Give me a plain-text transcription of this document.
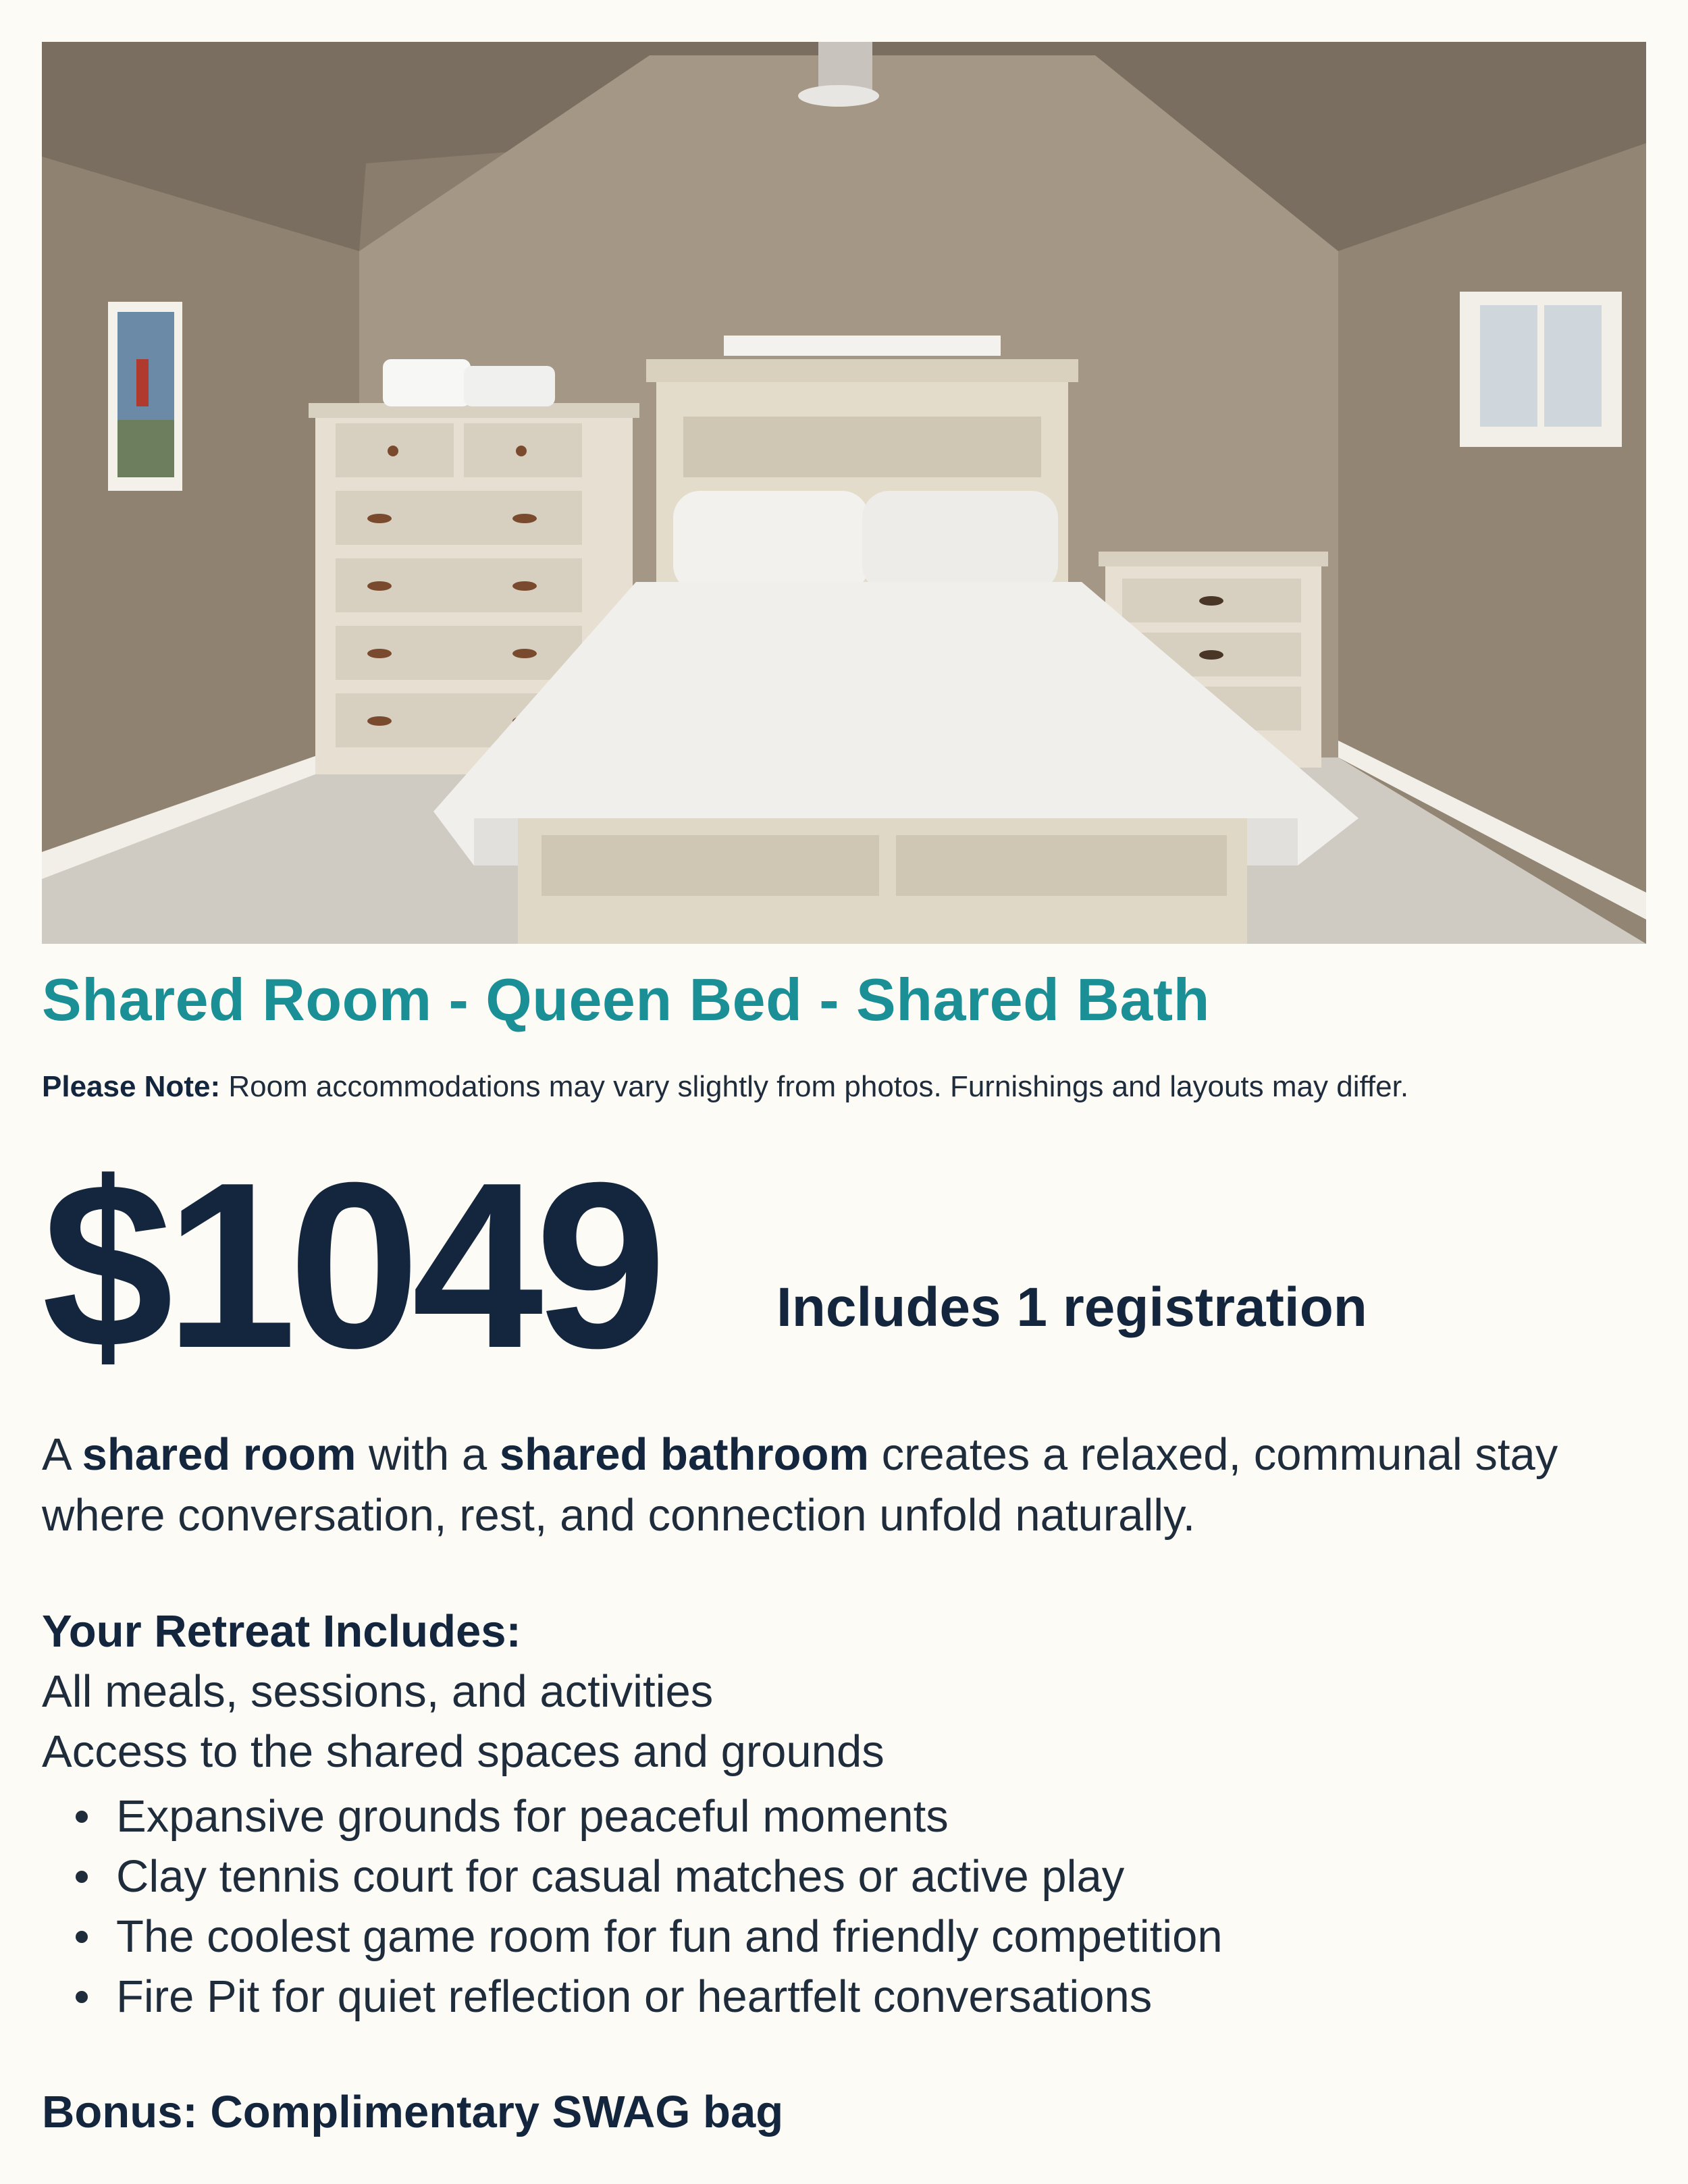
Shared Room - Queen Bed - Shared Bath
Please Note: Room accommodations may vary slightly from photos. Furnishings and layouts may differ.
$1049 Includes 1 registration
A shared room with a shared bathroom creates a relaxed, communal stay where conversation, rest, and connection unfold naturally.
Your Retreat Includes:
All meals, sessions, and activities
Access to the shared spaces and grounds
Expansive grounds for peaceful moments
Clay tennis court for casual matches or active play
The coolest game room for fun and friendly competition
Fire Pit for quiet reflection or heartfelt conversations
Bonus: Complimentary SWAG bag
